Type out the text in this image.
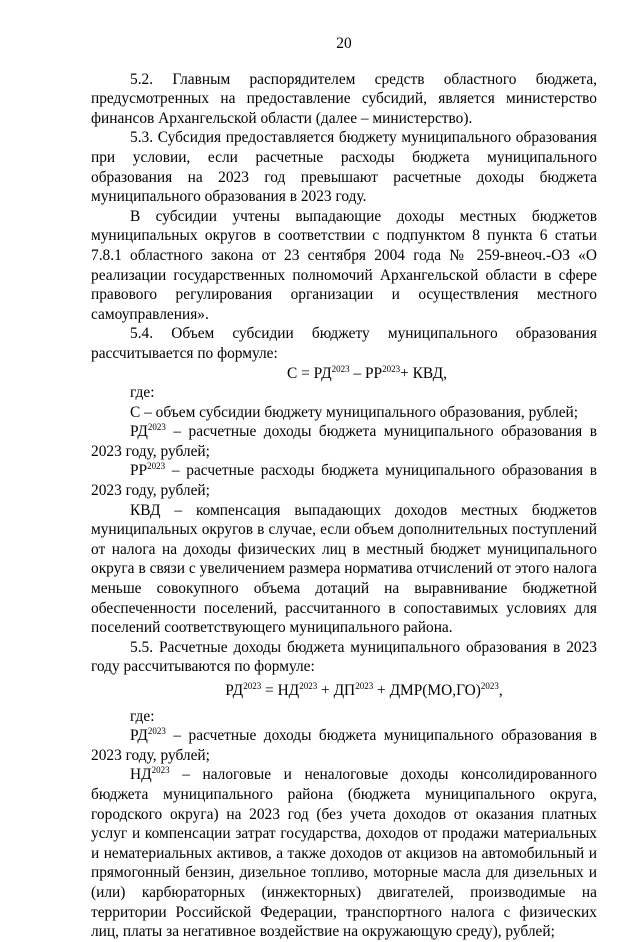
20

5.2. Главным распорядителем средств областного бюджета, предусмотренных на предоставление субсидий, является министерство финансов Архангельской области (далее – министерство).

5.3. Субсидия предоставляется бюджету муниципального образования при условии, если расчетные расходы бюджета муниципального образования на 2023 год превышают расчетные доходы бюджета муниципального образования в 2023 году.

В субсидии учтены выпадающие доходы местных бюджетов муниципальных округов в соответствии с подпунктом 8 пункта 6 статьи 7.8.1 областного закона от 23 сентября 2004 года № 259-внеоч.-ОЗ «О реализации государственных полномочий Архангельской области в сфере правового регулирования организации и осуществления местного самоуправления».

5.4. Объем субсидии бюджету муниципального образования рассчитывается по формуле:

$С = РД^{2023} - РР^{2023}+$ КВД,

где:

С – объем субсидии бюджету муниципального образования, рублей;

$РД^{2023}$ – расчетные доходы бюджета муниципального образования в 2023 году, рублей;

$РР^{2023}$ – расчетные расходы бюджета муниципального образования в 2023 году, рублей;

КВД – компенсация выпадающих доходов местных бюджетов муниципальных округов в случае, если объем дополнительных поступлений от налога на доходы физических лиц в местный бюджет муниципального округа в связи с увеличением размера норматива отчислений от этого налога меньше совокупного объема дотаций на выравнивание бюджетной обеспеченности поселений, рассчитанного в сопоставимых условиях для поселений соответствующего муниципального района.

5.5. Расчетные доходы бюджета муниципального образования в 2023 году рассчитываются по формуле:

$РД^{2023} = НД^{2023} + ДП^{2023} + ДМР(МО,ГО)^{2023}$,

где:

$РД^{2023}$ – расчетные доходы бюджета муниципального образования в 2023 году, рублей;

$НД^{2023}$ – налоговые и неналоговые доходы консолидированного бюджета муниципального района (бюджета муниципального округа, городского округа) на 2023 год (без учета доходов от оказания платных услуг и компенсации затрат государства, доходов от продажи материальных и нематериальных активов, а также доходов от акцизов на автомобильный и прямогонный бензин, дизельное топливо, моторные масла для дизельных и (или) карбюраторных (инжекторных) двигателей, производимые на территории Российской Федерации, транспортного налога с физических лиц, платы за негативное воздействие на окружающую среду), рублей;
